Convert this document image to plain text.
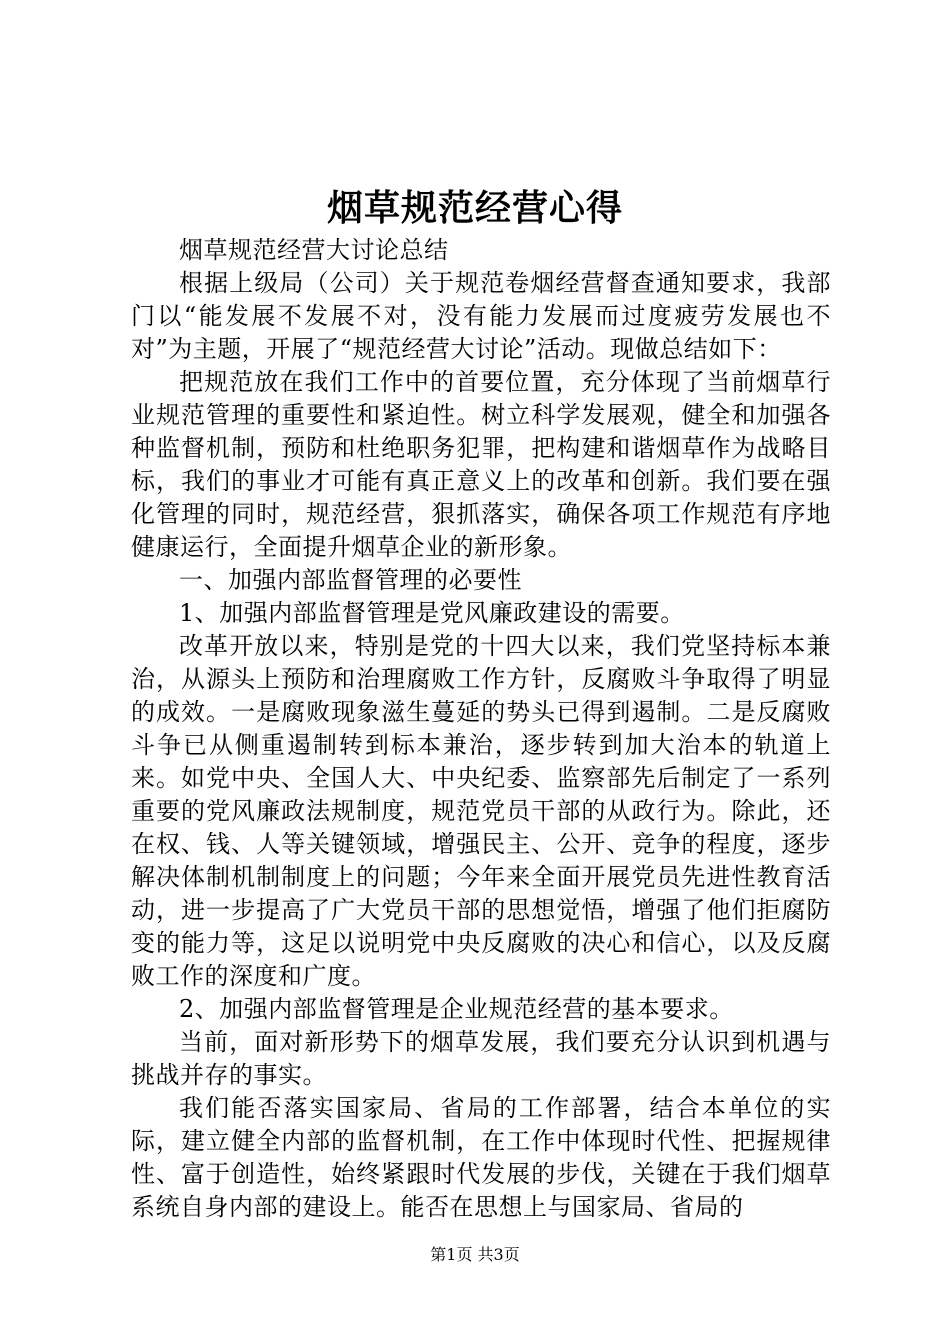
烟草规范经营心得

烟草规范经营大讨论总结

根据上级局（公司）关于规范卷烟经营督查通知要求，我部门以“能发展不发展不对，没有能力发展而过度疲劳发展也不对”为主题，开展了“规范经营大讨论”活动。现做总结如下：

把规范放在我们工作中的首要位置，充分体现了当前烟草行业规范管理的重要性和紧迫性。树立科学发展观，健全和加强各种监督机制，预防和杜绝职务犯罪，把构建和谐烟草作为战略目标，我们的事业才可能有真正意义上的改革和创新。我们要在强化管理的同时，规范经营，狠抓落实，确保各项工作规范有序地健康运行，全面提升烟草企业的新形象。

一、加强内部监督管理的必要性

1、加强内部监督管理是党风廉政建设的需要。

改革开放以来，特别是党的十四大以来，我们党坚持标本兼治，从源头上预防和治理腐败工作方针，反腐败斗争取得了明显的成效。一是腐败现象滋生蔓延的势头已得到遏制。二是反腐败斗争已从侧重遏制转到标本兼治，逐步转到加大治本的轨道上来。如党中央、全国人大、中央纪委、监察部先后制定了一系列重要的党风廉政法规制度，规范党员干部的从政行为。除此，还在权、钱、人等关键领域，增强民主、公开、竞争的程度，逐步解决体制机制制度上的问题；今年来全面开展党员先进性教育活动，进一步提高了广大党员干部的思想觉悟，增强了他们拒腐防变的能力等，这足以说明党中央反腐败的决心和信心，以及反腐败工作的深度和广度。

2、加强内部监督管理是企业规范经营的基本要求。

当前，面对新形势下的烟草发展，我们要充分认识到机遇与挑战并存的事实。

我们能否落实国家局、省局的工作部署，结合本单位的实际，建立健全内部的监督机制，在工作中体现时代性、把握规律性、富于创造性，始终紧跟时代发展的步伐，关键在于我们烟草系统自身内部的建设上。能否在思想上与国家局、省局的

第1页 共3页
